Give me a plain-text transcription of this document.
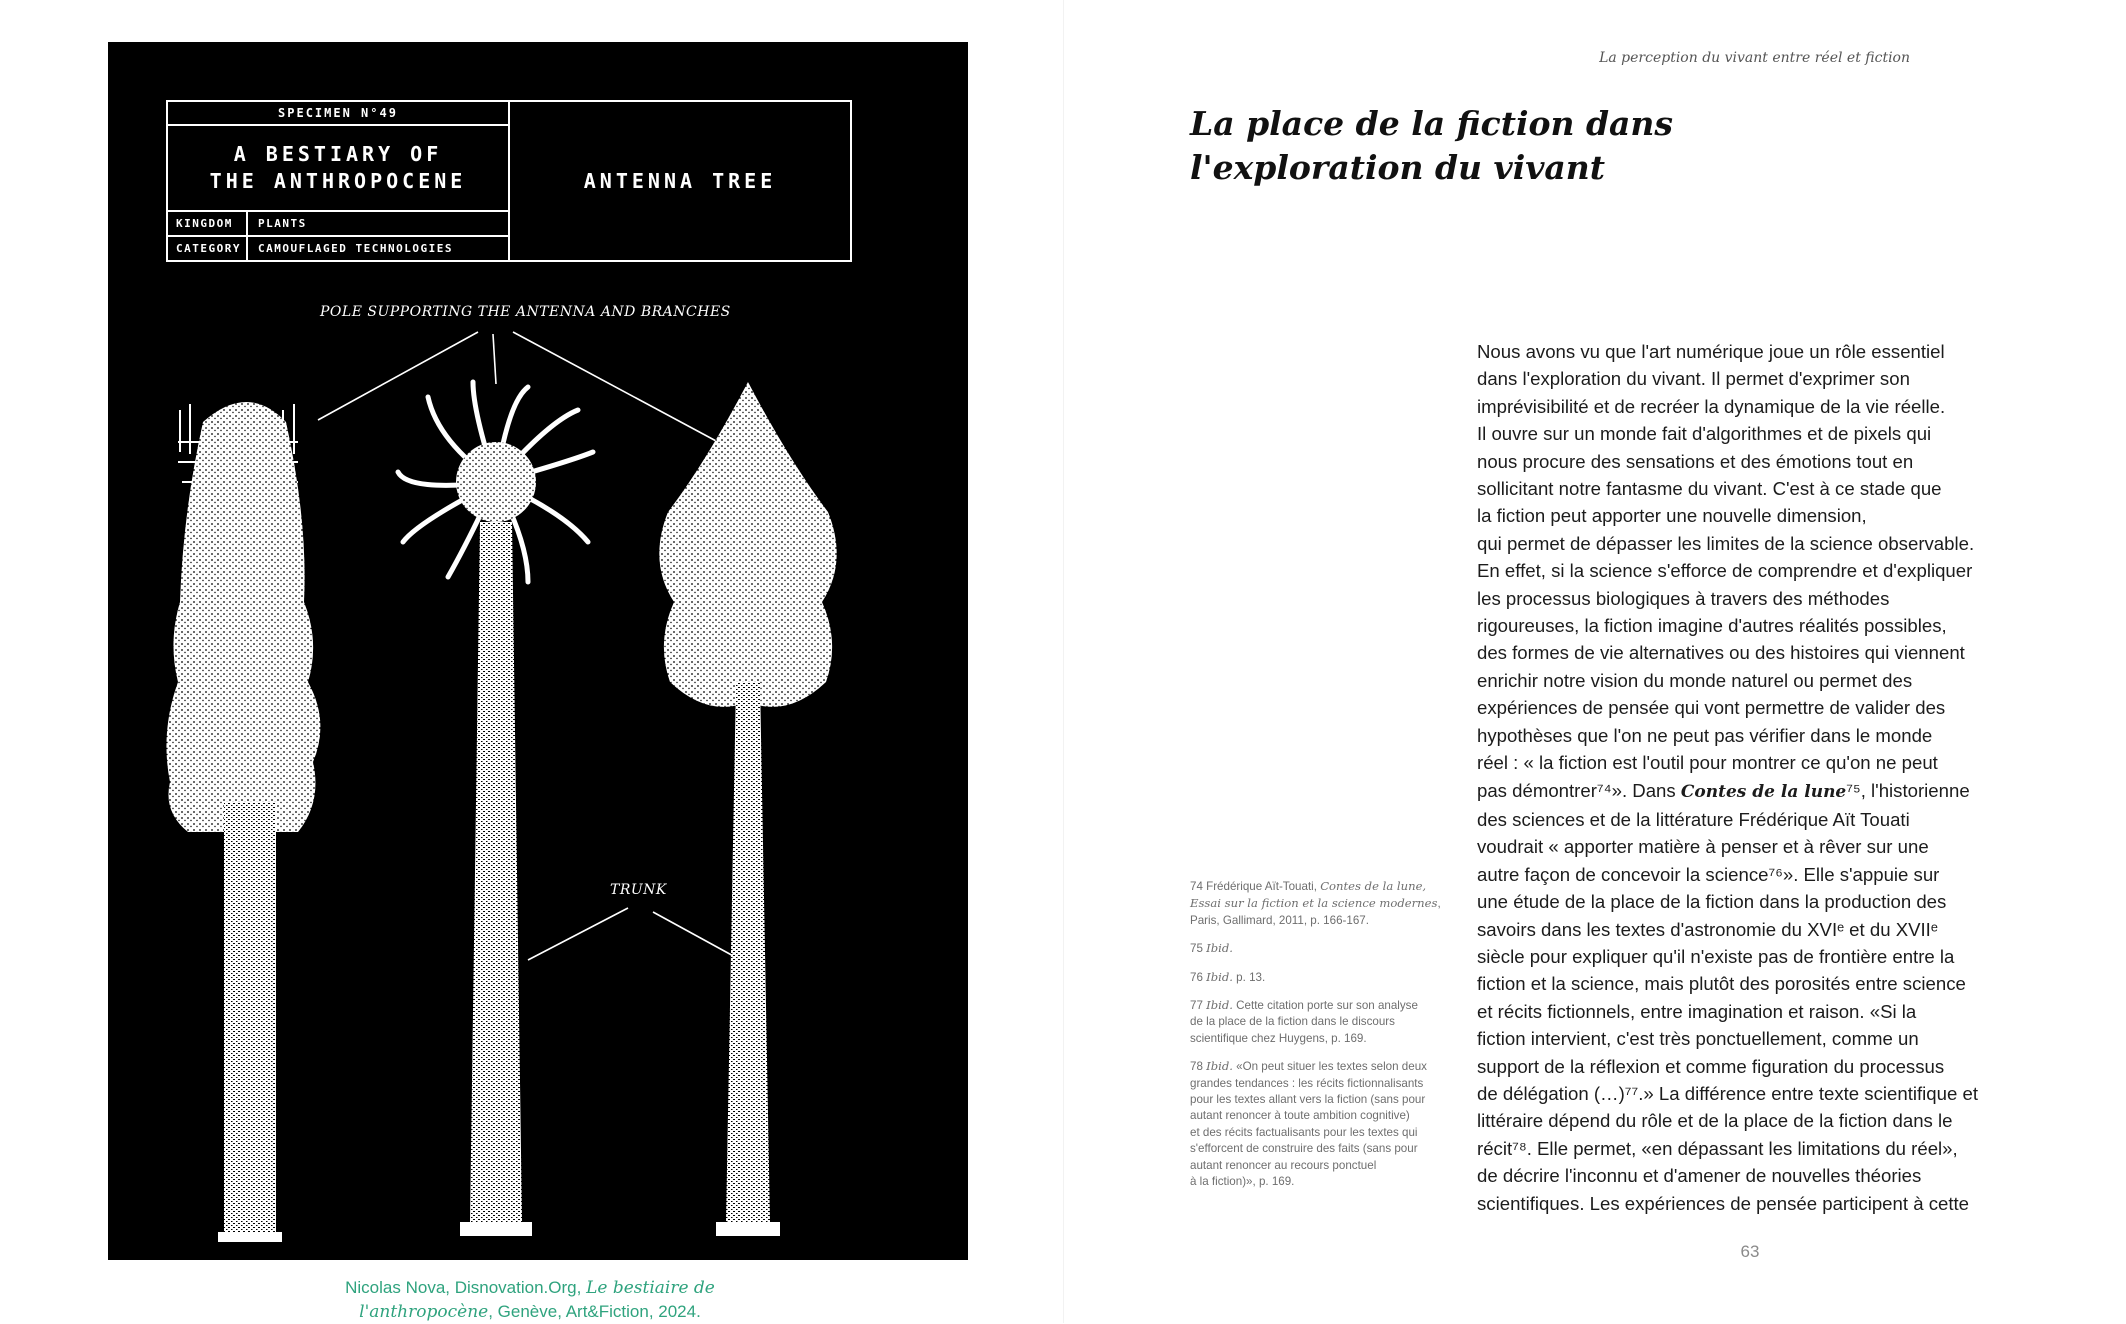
SPECIMEN N°49
A BESTIARY OF
THE ANTHROPOCENE
KINGDOM	PLANTS
CATEGORY	CAMOUFLAGED TECHNOLOGIES
ANTENNA TREE
POLE SUPPORTING THE ANTENNA AND BRANCHES
TRUNK
Nicolas Nova, Disnovation.Org, Le bestiaire de
l'anthropocène, Genève, Art&Fiction, 2024.
La perception du vivant entre réel et fiction
La place de la fiction dans
l'exploration du vivant
Nous avons vu que l'art numérique joue un rôle essentiel
dans l'exploration du vivant. Il permet d'exprimer son
imprévisibilité et de recréer la dynamique de la vie réelle.
Il ouvre sur un monde fait d'algorithmes et de pixels qui
nous procure des sensations et des émotions tout en
sollicitant notre fantasme du vivant. C'est à ce stade que
la fiction peut apporter une nouvelle dimension,
qui permet de dépasser les limites de la science observable.
En effet, si la science s'efforce de comprendre et d'expliquer
les processus biologiques à travers des méthodes
rigoureuses, la fiction imagine d'autres réalités possibles,
des formes de vie alternatives ou des histoires qui viennent
enrichir notre vision du monde naturel ou permet des
expériences de pensée qui vont permettre de valider des
hypothèses que l'on ne peut pas vérifier dans le monde
réel : « la fiction est l'outil pour montrer ce qu'on ne peut
pas démontrer⁷⁴». Dans Contes de la lune⁷⁵, l'historienne
des sciences et de la littérature Frédérique Aït Touati
voudrait « apporter matière à penser et à rêver sur une
autre façon de concevoir la science⁷⁶». Elle s'appuie sur
une étude de la place de la fiction dans la production des
savoirs dans les textes d'astronomie du XVIᵉ et du XVIIᵉ
siècle pour expliquer qu'il n'existe pas de frontière entre la
fiction et la science, mais plutôt des porosités entre science
et récits fictionnels, entre imagination et raison. «Si la
fiction intervient, c'est très ponctuellement, comme un
support de la réflexion et comme figuration du processus
de délégation (…)⁷⁷.» La différence entre texte scientifique et
littéraire dépend du rôle et de la place de la fiction dans le
récit⁷⁸. Elle permet, «en dépassant les limitations du réel»,
de décrire l'inconnu et d'amener de nouvelles théories
scientifiques. Les expériences de pensée participent à cette
74 Frédérique Aït-Touati, Contes de la lune,
Essai sur la fiction et la science modernes,
Paris, Gallimard, 2011, p. 166-167.
75 Ibid.
76 Ibid. p. 13.
77 Ibid. Cette citation porte sur son analyse
de la place de la fiction dans le discours
scientifique chez Huygens, p. 169.
78 Ibid. «On peut situer les textes selon deux
grandes tendances : les récits fictionnalisants
pour les textes allant vers la fiction (sans pour
autant renoncer à toute ambition cognitive)
et des récits factualisants pour les textes qui
s'efforcent de construire des faits (sans pour
autant renoncer au recours ponctuel
à la fiction)», p. 169.
63
